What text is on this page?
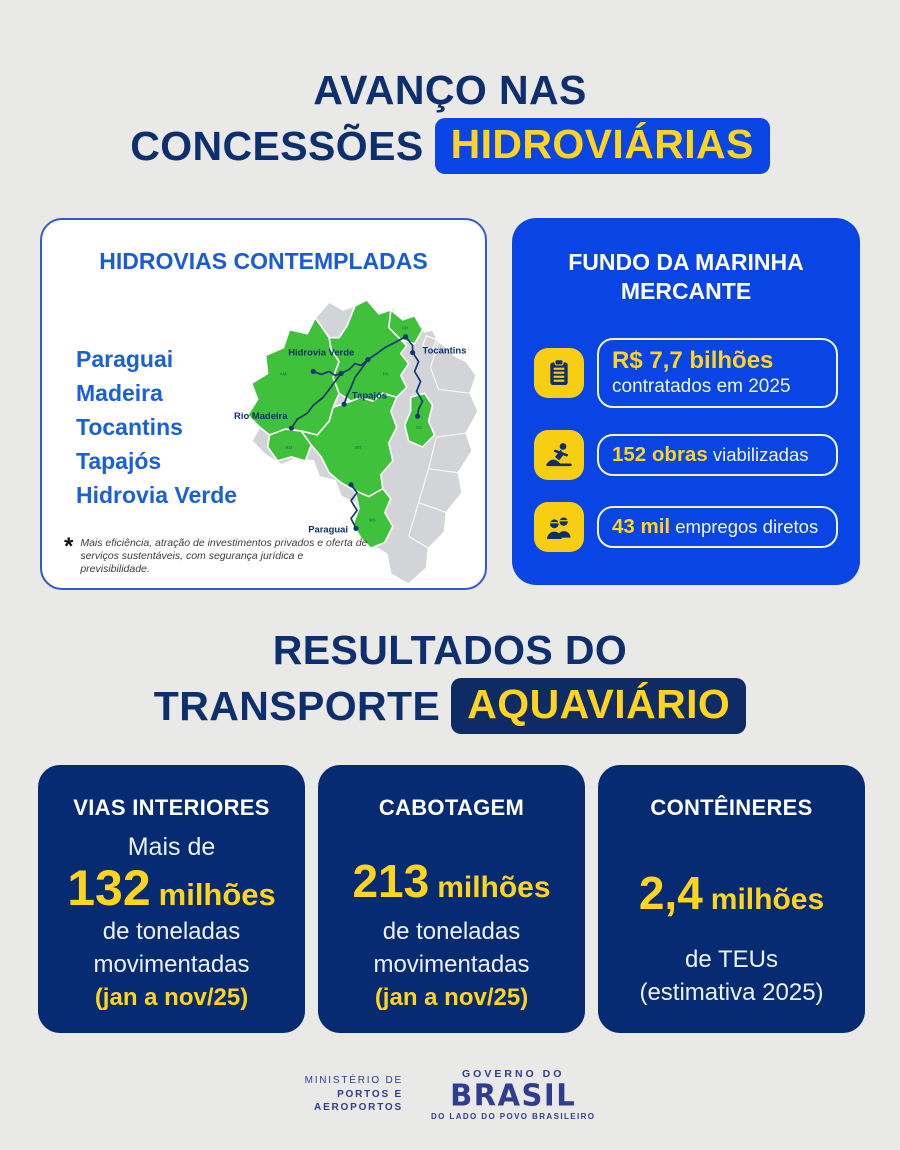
AVANÇO NAS
CONCESSÕES HIDROVIÁRIAS
HIDROVIAS CONTEMPLADAS
Paraguai
Madeira
Tocantins
Tapajós
Hidrovia Verde
Hidrovia Verde	Tocantins
Rio Madeira
Tapajós
Paraguai
AM
AP
PA
RO	MT
TO
MS
* Mais eficiência, atração de investimentos privados e oferta de serviços sustentáveis, com segurança jurídica e previsibilidade.
FUNDO DA MARINHA
MERCANTE
R$ 7,7 bilhões
contratados em 2025
152 obras viabilizadas
43 mil empregos diretos
RESULTADOS DO
TRANSPORTE AQUAVIÁRIO
VIAS INTERIORES
Mais de
132 milhões
de toneladas
movimentadas
(jan a nov/25)
CABOTAGEM
213 milhões
de toneladas
movimentadas
(jan a nov/25)
CONTÊINERES
2,4 milhões
de TEUs
(estimativa 2025)
MINISTÉRIO DE
PORTOS E
AEROPORTOS
GOVERNO DO
BRASIL
DO LADO DO POVO BRASILEIRO
